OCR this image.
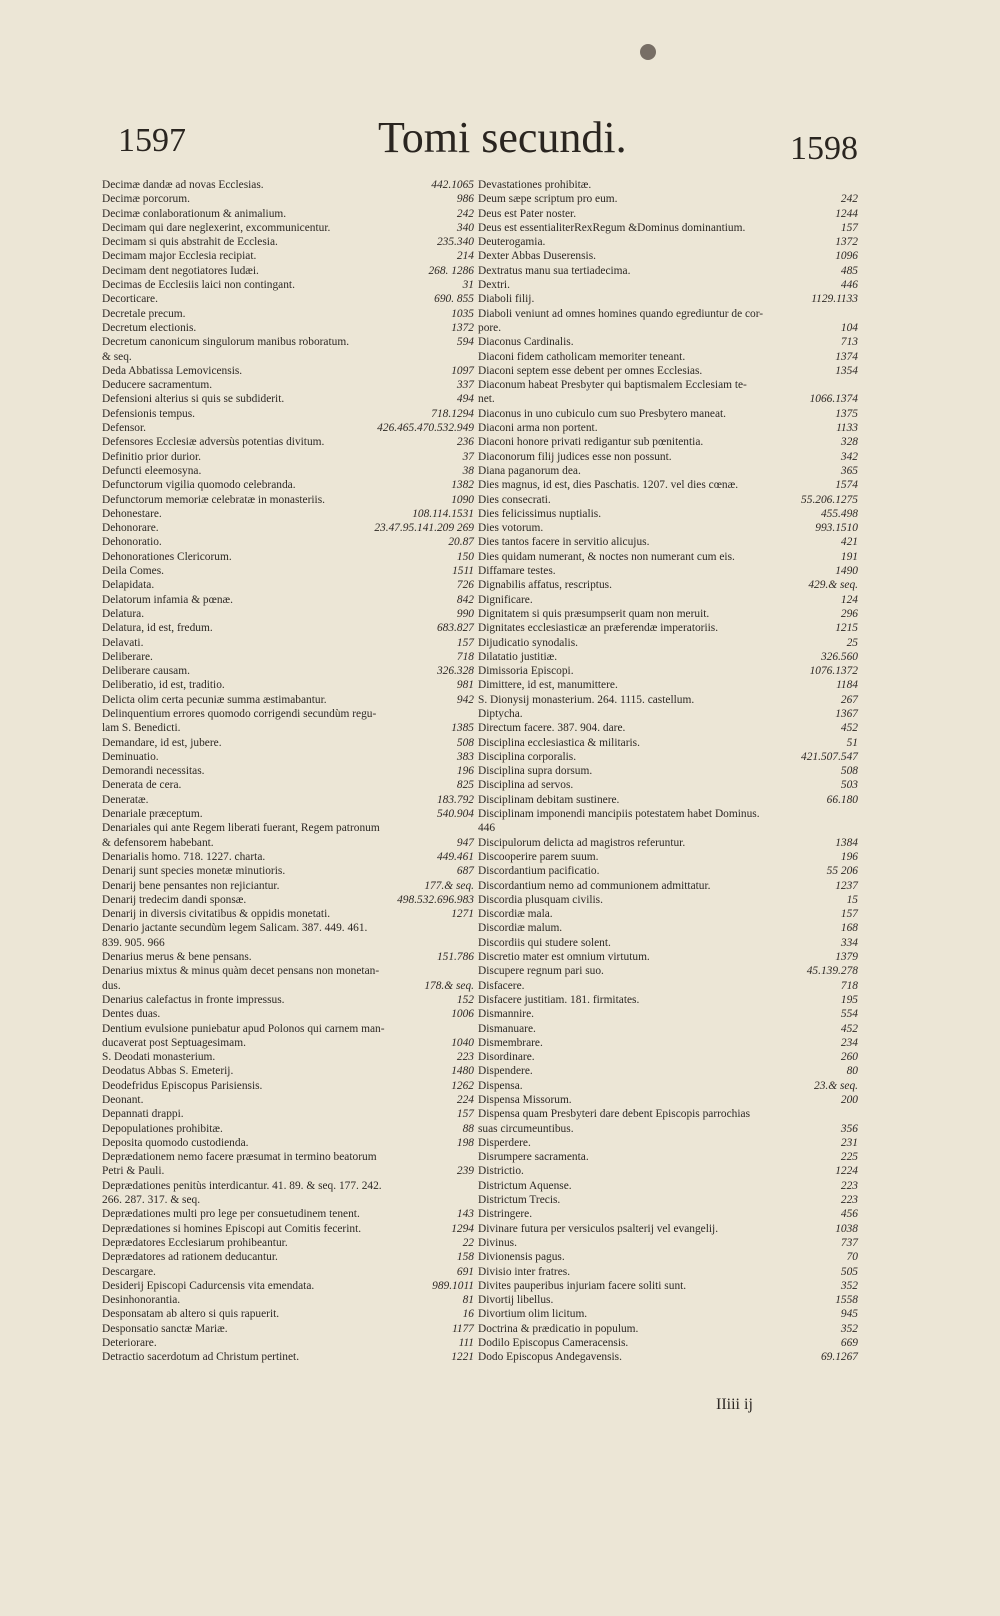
1597	Tomi secundi.	1598
Decimæ dandæ ad novas Ecclesias.	442.1065
Decimæ porcorum.	986
Decimæ conlaborationum & animalium.	242
Decimam qui dare neglexerint, excommunicentur.	340
Decimam si quis abstrahit de Ecclesia.	235.340
Decimam major Ecclesia recipiat.	214
Decimam dent negotiatores Iudæi.	268. 1286
Decimas de Ecclesiis laici non contingant.	31
Decorticare.	690. 855
Decretale precum.	1035
Decretum electionis.	1372
Decretum canonicum singulorum manibus roboratum.	594
& seq.
Deda Abbatissa Lemovicensis.	1097
Deducere sacramentum.	337
Defensioni alterius si quis se subdiderit.	494
Defensionis tempus.	718.1294
Defensor.	426.465.470.532.949
Defensores Ecclesiæ adversùs potentias divitum.	236
Definitio prior durior.	37
Defuncti eleemosyna.	38
Defunctorum vigilia quomodo celebranda.	1382
Defunctorum memoriæ celebratæ in monasteriis.	1090
Dehonestare.	108.114.1531
Dehonorare.	23.47.95.141.209 269
Dehonoratio.	20.87
Dehonorationes Clericorum.	150
Deila Comes.	1511
Delapidata.	726
Delatorum infamia & pœnæ.	842
Delatura.	990
Delatura, id est, fredum.	683.827
Delavati.	157
Deliberare.	718
Deliberare causam.	326.328
Deliberatio, id est, traditio.	981
Delicta olim certa pecuniæ summa æstimabantur.	942
Delinquentium errores quomodo corrigendi secundùm regu-
lam S. Benedicti.	1385
Demandare, id est, jubere.	508
Deminuatio.	383
Demorandi necessitas.	196
Denerata de cera.	825
Deneratæ.	183.792
Denariale præceptum.	540.904
Denariales qui ante Regem liberati fuerant, Regem patronum
& defensorem habebant.	947
Denarialis homo. 718. 1227. charta.	449.461
Denarij sunt species monetæ minutioris.	687
Denarij bene pensantes non rejiciantur.	177.& seq.
Denarij tredecim dandi sponsæ.	498.532.696.983
Denarij in diversis civitatibus & oppidis monetati.	1271
Denario jactante secundùm legem Salicam. 387. 449. 461.
839. 905. 966
Denarius merus & bene pensans.	151.786
Denarius mixtus & minus quàm decet pensans non monetan-
dus.	178.& seq.
Denarius calefactus in fronte impressus.	152
Dentes duas.	1006
Dentium evulsione puniebatur apud Polonos qui carnem man-
ducaverat post Septuagesimam.	1040
S. Deodati monasterium.	223
Deodatus Abbas S. Emeterij.	1480
Deodefridus Episcopus Parisiensis.	1262
Deonant.	224
Depannati drappi.	157
Depopulationes prohibitæ.	88
Deposita quomodo custodienda.	198
Deprædationem nemo facere præsumat in termino beatorum
Petri & Pauli.	239
Deprædationes penitùs interdicantur. 41. 89. & seq. 177. 242.
266. 287. 317. & seq.
Deprædationes multi pro lege per consuetudinem tenent.	143
Deprædationes si homines Episcopi aut Comitis fecerint.	1294
Deprædatores Ecclesiarum prohibeantur.	22
Deprædatores ad rationem deducantur.	158
Descargare.	691
Desiderij Episcopi Cadurcensis vita emendata.	989.1011
Desinhonorantia.	81
Desponsatam ab altero si quis rapuerit.	16
Desponsatio sanctæ Mariæ.	1177
Deteriorare.	111
Detractio sacerdotum ad Christum pertinet.	1221
Devastationes prohibitæ.
Deum sæpe scriptum pro eum.	242
Deus est Pater noster.	1244
Deus est essentialiterRexRegum &Dominus dominantium.	157
Deuterogamia.	1372
Dexter Abbas Duserensis.	1096
Dextratus manu sua tertiadecima.	485
Dextri.	446
Diaboli filij.	1129.1133
Diaboli veniunt ad omnes homines quando egrediuntur de cor-
pore.	104
Diaconus Cardinalis.	713
Diaconi fidem catholicam memoriter teneant.	1374
Diaconi septem esse debent per omnes Ecclesias.	1354
Diaconum habeat Presbyter qui baptismalem Ecclesiam te-
net.	1066.1374
Diaconus in uno cubiculo cum suo Presbytero maneat.	1375
Diaconi arma non portent.	1133
Diaconi honore privati redigantur sub pœnitentia.	328
Diaconorum filij judices esse non possunt.	342
Diana paganorum dea.	365
Dies magnus, id est, dies Paschatis. 1207. vel dies cœnæ.	1574
Dies consecrati.	55.206.1275
Dies felicissimus nuptialis.	455.498
Dies votorum.	993.1510
Dies tantos facere in servitio alicujus.	421
Dies quidam numerant, & noctes non numerant cum eis.	191
Diffamare testes.	1490
Dignabilis affatus, rescriptus.	429.& seq.
Dignificare.	124
Dignitatem si quis præsumpserit quam non meruit.	296
Dignitates ecclesiasticæ an præferendæ imperatoriis.	1215
Dijudicatio synodalis.	25
Dilatatio justitiæ.	326.560
Dimissoria Episcopi.	1076.1372
Dimittere, id est, manumittere.	1184
S. Dionysij monasterium. 264. 1115. castellum.	267
Diptycha.	1367
Directum facere. 387. 904. dare.	452
Disciplina ecclesiastica & militaris.	51
Disciplina corporalis.	421.507.547
Disciplina supra dorsum.	508
Disciplina ad servos.	503
Disciplinam debitam sustinere.	66.180
Disciplinam imponendi mancipiis potestatem habet Dominus.
446
Discipulorum delicta ad magistros referuntur.	1384
Discooperire parem suum.	196
Discordantium pacificatio.	55 206
Discordantium nemo ad communionem admittatur.	1237
Discordia plusquam civilis.	15
Discordiæ mala.	157
Discordiæ malum.	168
Discordiis qui studere solent.	334
Discretio mater est omnium virtutum.	1379
Discupere regnum pari suo.	45.139.278
Disfacere.	718
Disfacere justitiam. 181. firmitates.	195
Dismannire.	554
Dismanuare.	452
Dismembrare.	234
Disordinare.	260
Dispendere.	80
Dispensa.	23.& seq.
Dispensa Missorum.	200
Dispensa quam Presbyteri dare debent Episcopis parrochias
suas circumeuntibus.	356
Disperdere.	231
Disrumpere sacramenta.	225
Districtio.	1224
Districtum Aquense.	223
Districtum Trecis.	223
Distringere.	456
Divinare futura per versiculos psalterij vel evangelij.	1038
Divinus.	737
Divionensis pagus.	70
Divisio inter fratres.	505
Divites pauperibus injuriam facere soliti sunt.	352
Divortij libellus.	1558
Divortium olim licitum.	945
Doctrina & prædicatio in populum.	352
Dodilo Episcopus Cameracensis.	669
Dodo Episcopus Andegavensis.	69.1267
IIiii ij
